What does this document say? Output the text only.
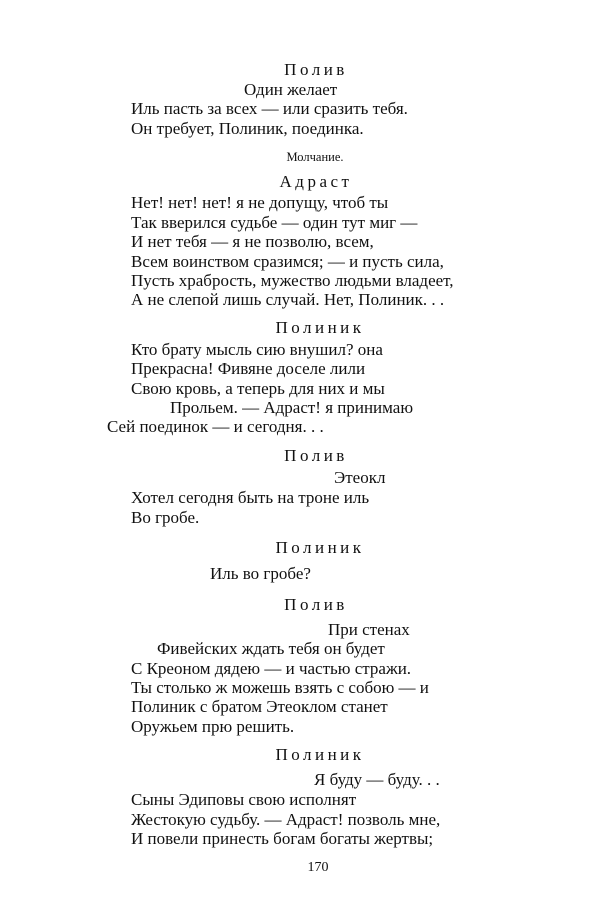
Полив
Один желает
Иль пасть за всех — или сразить тебя.
Он требует, Полиник, поединка.
Молчание.
Адраст
Нет! нет! нет! я не допущу, чтоб ты
Так вверился судьбе — один тут миг —
И нет тебя — я не позволю, всем,
Всем воинством сразимся; — и пусть сила,
Пусть храбрость, мужество людьми владеет,
А не слепой лишь случай. Нет, Полиник. . .
Полиник
Кто брату мысль сию внушил? она
Прекрасна! Фивяне доселе лили
Свою кровь, а теперь для них и мы
Прольем. — Адраст! я принимаю
Сей поединок — и сегодня. . .
Полив
Этеокл
Хотел сегодня быть на троне иль
Во гробе.
Полиник
Иль во гробе?
Полив
При стенах
Фивейских ждать тебя он будет
С Креоном дядею — и частью стражи.
Ты столько ж можешь взять с собою — и
Полиник с братом Этеоклом станет
Оружьем прю решить.
Полиник
Я буду — буду. . .
Сыны Эдиповы свою исполнят
Жестокую судьбу. — Адраст! позволь мне,
И повели принесть богам богаты жертвы;
170
